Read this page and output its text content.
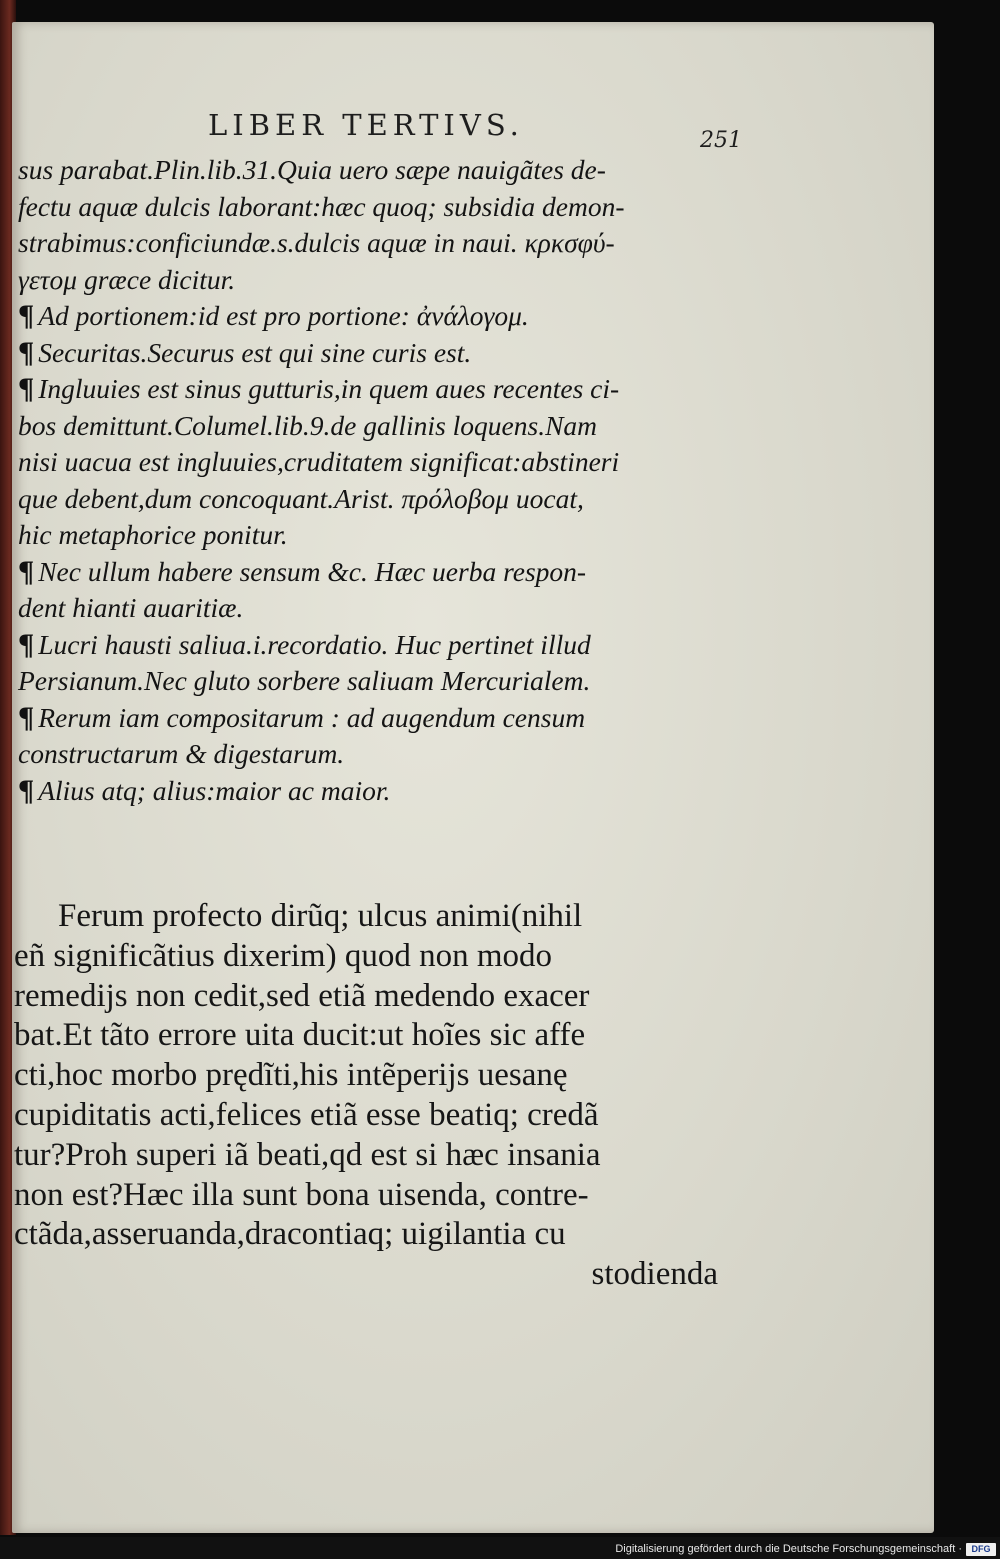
LIBER TERTIVS.	251
sus parabat.Plin.lib.31.Quia uero sæpe nauigãtes de-
fectu aquæ dulcis laborant:hæc quoq; subsidia demon-
strabimus:conficiundæ.s.dulcis aquæ in naui. κρκσφύ-
γετομ græce dicitur.
¶ Ad portionem:id est pro portione: ἀνάλογομ.
¶ Securitas.Securus est qui sine curis est.
¶ Ingluuies est sinus gutturis,in quem aues recentes ci-
bos demittunt.Columel.lib.9.de gallinis loquens.Nam
nisi uacua est ingluuies,cruditatem significat:abstineri
que debent,dum concoquant.Arist. πρόλοβομ uocat,
hic metaphorice ponitur.
¶ Nec ullum habere sensum &c. Hæc uerba respon-
dent hianti auaritiæ.
¶ Lucri hausti saliua.i.recordatio. Huc pertinet illud
Persianum.Nec gluto sorbere saliuam Mercurialem.
¶ Rerum iam compositarum : ad augendum censum
constructarum & digestarum.
¶ Alius atq; alius:maior ac maior.
Ferum profecto dirũq; ulcus animi(nihil
eñ significãtius dixerim) quod non modo
remedijs non cedit,sed etiã medendo exacer
bat.Et tãto errore uita ducit:ut hoĩes sic affe
cti,hoc morbo prędĩti,his intẽperijs uesanę
cupiditatis acti,felices etiã esse beatiq; credã
tur?Proh superi iã beati,qd est si hæc insania
non est?Hæc illa sunt bona uisenda, contre-
ctãda,asseruanda,dracontiaq; uigilantia cu
stodienda
Digitalisierung gefördert durch die Deutsche Forschungsgemeinschaft ·	DFG
